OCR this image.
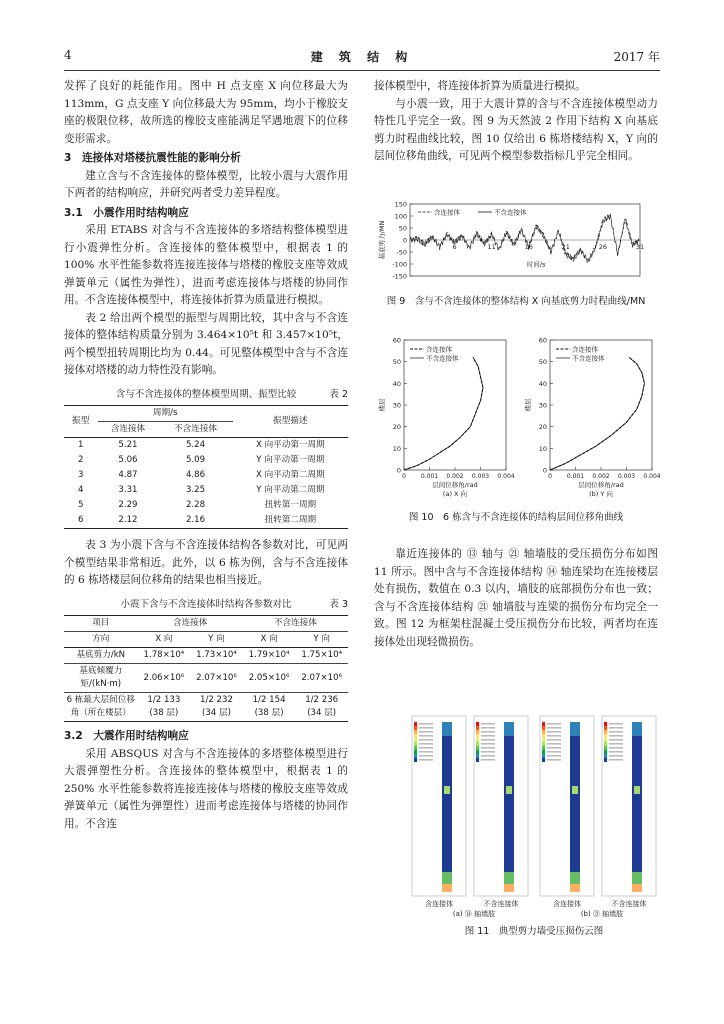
4	建 筑 结 构	2017 年

发挥了良好的耗能作用。图中 H 点支座 X 向位移最大为 113mm，G 点支座 Y 向位移最大为 95mm，均小于橡胶支座的极限位移，故所选的橡胶支座能满足罕遇地震下的位移变形需求。

3　连接体对塔楼抗震性能的影响分析

建立含与不含连接体的整体模型，比较小震与大震作用下两者的结构响应，并研究两者受力差异程度。

3.1　小震作用时结构响应

采用 ETABS 对含与不含连接体的多塔结构整体模型进行小震弹性分析。含连接体的整体模型中，根据表 1 的 100% 水平性能参数将连接连接体与塔楼的橡胶支座等效成弹簧单元（属性为弹性），进而考虑连接体与塔楼的协同作用。不含连接体模型中，将连接体折算为质量进行模拟。

表 2 给出两个模型的振型与周期比较，其中含与不含连接体的整体结构质量分别为 3.464×10⁵t 和 3.457×10⁵t，两个模型扭转周期比均为 0.44。可见整体模型中含与不含连接体对塔楼的动力特性没有影响。

含与不含连接体的整体模型周期、振型比较	表 2
振型	周期/s		振型描述
	含连接体	不含连接体	
1	5.21	5.24	X 向平动第一周期
2	5.06	5.09	Y 向平动第一周期
3	4.87	4.86	X 向平动第二周期
4	3.31	3.25	Y 向平动第二周期
5	2.29	2.28	扭转第一周期
6	2.12	2.16	扭转第二周期

表 3 为小震下含与不含连接体结构各参数对比，可见两个模型结果非常相近。此外，以 6 栋为例，含与不含连接体的 6 栋塔楼层间位移角的结果也相当接近。

小震下含与不含连接体时结构各参数对比	表 3
项目	含连接体		不含连接体	
方向	X 向	Y 向	X 向	Y 向
基底剪力/kN	1.78×10⁴	1.73×10⁴	1.79×10⁴	1.75×10⁴
基底倾覆力矩/(kN·m)	2.06×10⁶	2.07×10⁶	2.05×10⁶	2.07×10⁶
6 栋最大层间位移角（所在楼层）	1/2 133 (38 层)	1/2 232 (34 层)	1/2 154 (38 层)	1/2 236 (34 层)
3.2　大震作用时结构响应

采用 ABSQUS 对含与不含连接体的多塔整体模型进行大震弹塑性分析。含连接体的整体模型中，根据表 1 的 250% 水平性能参数将连接连接体与塔楼的橡胶支座等效成弹簧单元（属性为弹塑性）进而考虑连接体与塔楼的协同作用。不含连

接体模型中，将连接体折算为质量进行模拟。

与小震一致，用于大震计算的含与不含连接体模型动力特性几乎完全一致。图 9 为天然波 2 作用下结构 X 向基底剪力时程曲线比较，图 10 仅给出 6 栋塔楼结构 X，Y 向的层间位移角曲线，可见两个模型参数指标几乎完全相同。

-150
-100
-50
0
50
100
150
6	11	16	21	26	31
时间/s
基底剪力/MN
含连接体	不含连接体
图 9　含与不含连接体的整体结构 X 向基底剪力时程曲线/MN
0
10
20
30
40
50
60
0 0.001 0.002 0.003 0.004
层间位移角/rad
(a) X 向
楼层
含连接体
不含连接体
0
10
20
30
40
50
60
0 0.001 0.002 0.003 0.004
层间位移角/rad
(b) Y 向
楼层
含连接体
不含连接体
图 10　6 栋含与不含连接体的结构层间位移角曲线

靠近连接体的 ⑬ 轴与 ㉑ 轴墙肢的受压损伤分布如图 11 所示。图中含与不含连接体结构 ⑭ 轴连梁均在连接楼层处有损伤，数值在 0.3 以内，墙肢的底部损伤分布也一致；含与不含连接体结构 ㉑ 轴墙肢与连梁的损伤分布均完全一致。图 12 为框架柱混凝土受压损伤分布比较，两者均在连接体处出现轻微损伤。

含连接体	不含连接体	含连接体	不含连接体
(a) ⑭ 轴墙肢	(b) ㉑ 轴墙肢
图 11　典型剪力墙受压损伤云图
